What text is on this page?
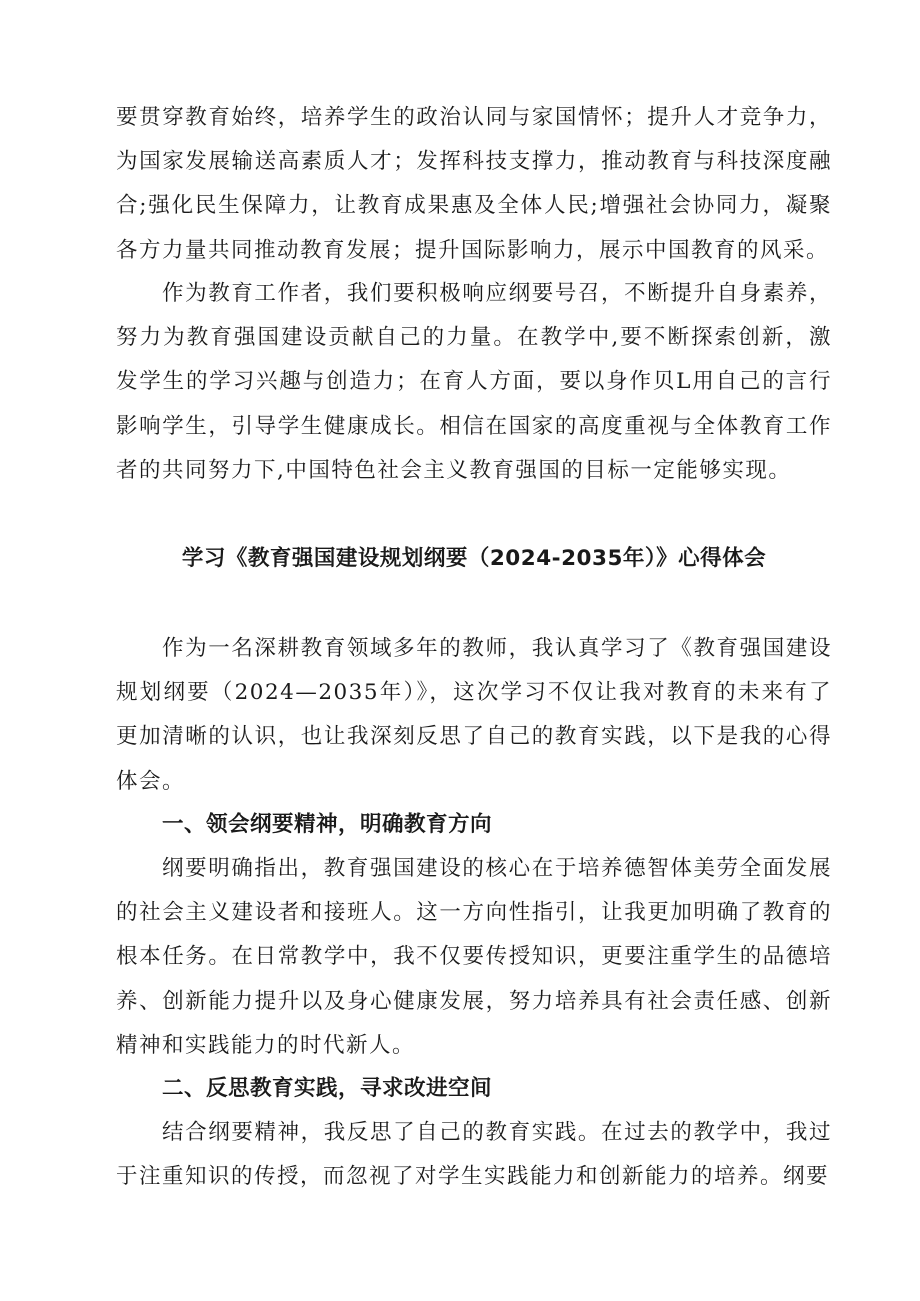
要贯穿教育始终，培养学生的政治认同与家国情怀；提升人才竞争力，为国家发展输送高素质人才；发挥科技支撑力，推动教育与科技深度融合;强化民生保障力，让教育成果惠及全体人民;增强社会协同力，凝聚各方力量共同推动教育发展；提升国际影响力，展示中国教育的风采。

作为教育工作者，我们要积极响应纲要号召，不断提升自身素养，努力为教育强国建设贡献自己的力量。在教学中,要不断探索创新，激发学生的学习兴趣与创造力；在育人方面，要以身作贝L用自己的言行影响学生，引导学生健康成长。相信在国家的高度重视与全体教育工作者的共同努力下,中国特色社会主义教育强国的目标一定能够实现。

学习《教育强国建设规划纲要（2024-2035年）》心得体会

作为一名深耕教育领域多年的教师，我认真学习了《教育强国建设规划纲要（2024—2035年）》，这次学习不仅让我对教育的未来有了更加清晰的认识，也让我深刻反思了自己的教育实践，以下是我的心得体会。

一、领会纲要精神，明确教育方向

纲要明确指出，教育强国建设的核心在于培养德智体美劳全面发展的社会主义建设者和接班人。这一方向性指引，让我更加明确了教育的根本任务。在日常教学中，我不仅要传授知识，更要注重学生的品德培养、创新能力提升以及身心健康发展，努力培养具有社会责任感、创新精神和实践能力的时代新人。

二、反思教育实践，寻求改进空间

结合纲要精神，我反思了自己的教育实践。在过去的教学中，我过于注重知识的传授，而忽视了对学生实践能力和创新能力的培养。纲要
